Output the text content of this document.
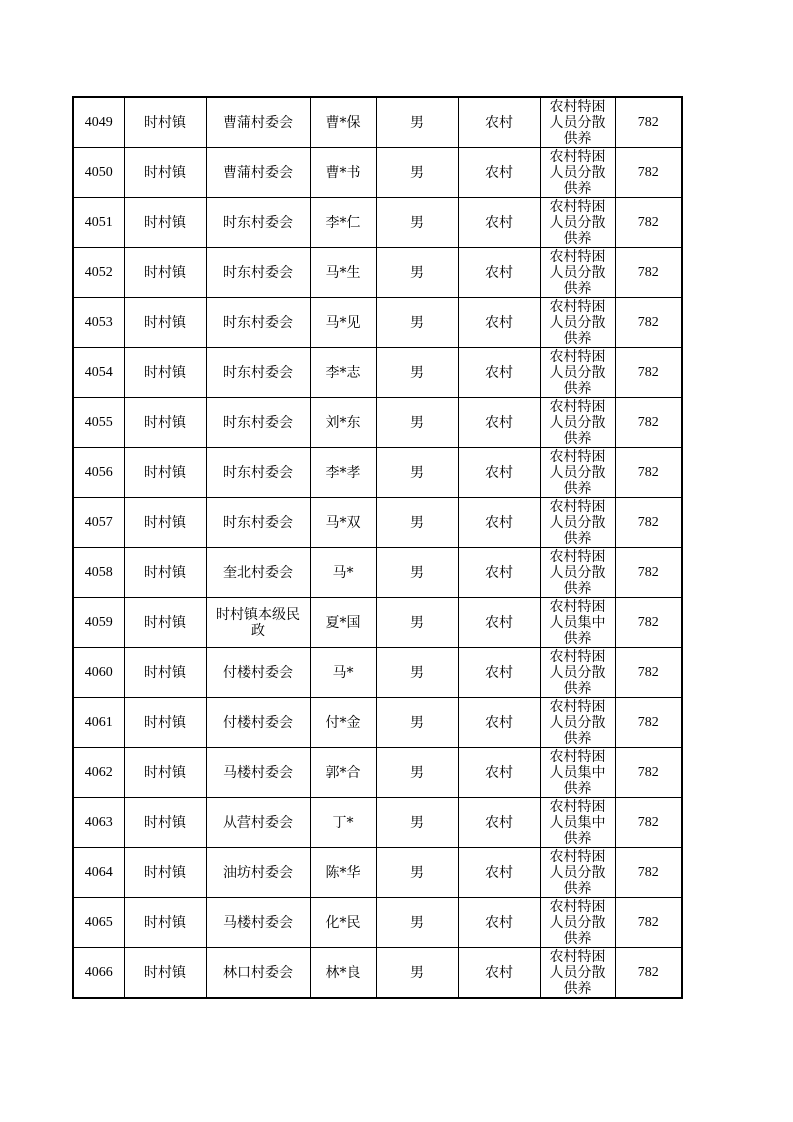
4049	时村镇	曹蒲村委会	曹*保	男	农村	农村特困人员分散供养	782
4050	时村镇	曹蒲村委会	曹*书	男	农村	农村特困人员分散供养	782
4051	时村镇	时东村委会	李*仁	男	农村	农村特困人员分散供养	782
4052	时村镇	时东村委会	马*生	男	农村	农村特困人员分散供养	782
4053	时村镇	时东村委会	马*见	男	农村	农村特困人员分散供养	782
4054	时村镇	时东村委会	李*志	男	农村	农村特困人员分散供养	782
4055	时村镇	时东村委会	刘*东	男	农村	农村特困人员分散供养	782
4056	时村镇	时东村委会	李*孝	男	农村	农村特困人员分散供养	782
4057	时村镇	时东村委会	马*双	男	农村	农村特困人员分散供养	782
4058	时村镇	奎北村委会	马*	男	农村	农村特困人员分散供养	782
4059	时村镇	时村镇本级民政	夏*国	男	农村	农村特困人员集中供养	782
4060	时村镇	付楼村委会	马*	男	农村	农村特困人员分散供养	782
4061	时村镇	付楼村委会	付*金	男	农村	农村特困人员分散供养	782
4062	时村镇	马楼村委会	郭*合	男	农村	农村特困人员集中供养	782
4063	时村镇	从营村委会	丁*	男	农村	农村特困人员集中供养	782
4064	时村镇	油坊村委会	陈*华	男	农村	农村特困人员分散供养	782
4065	时村镇	马楼村委会	化*民	男	农村	农村特困人员分散供养	782
4066	时村镇	林口村委会	林*良	男	农村	农村特困人员分散供养	782
